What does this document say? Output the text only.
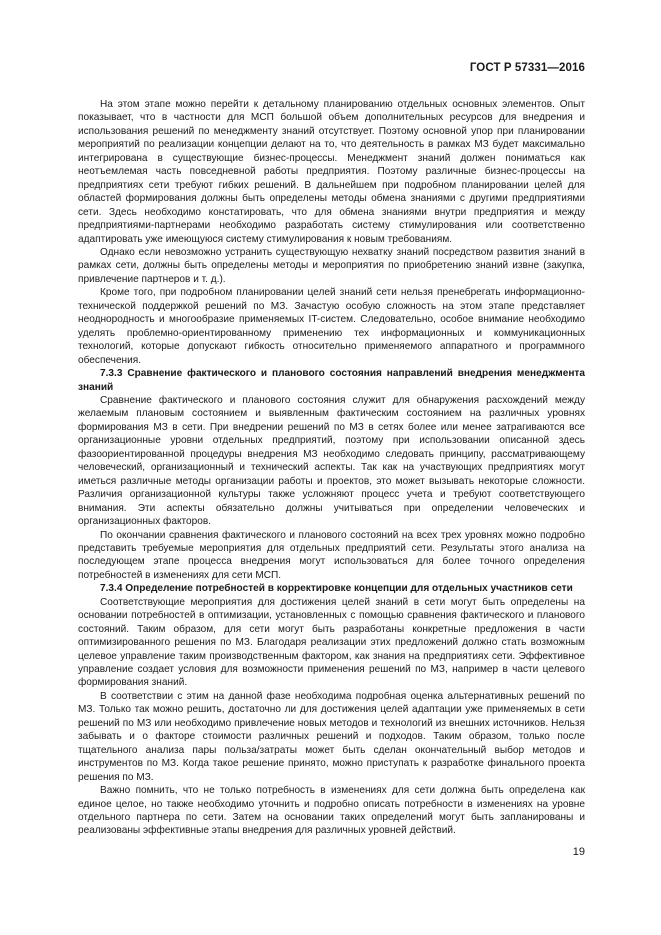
ГОСТ Р 57331—2016

На этом этапе можно перейти к детальному планированию отдельных основных элементов. Опыт показывает, что в частности для МСП большой объем дополнительных ресурсов для внедрения и использования решений по менеджменту знаний отсутствует. Поэтому основной упор при планировании мероприятий по реализации концепции делают на то, что деятельность в рамках МЗ будет максимально интегрирована в существующие бизнес-процессы. Менеджмент знаний должен пониматься как неотъемлемая часть повседневной работы предприятия. Поэтому различные бизнес-процессы на предприятиях сети требуют гибких решений. В дальнейшем при подробном планировании целей для областей формирования должны быть определены методы обмена знаниями с другими предприятиями сети. Здесь необходимо констатировать, что для обмена знаниями внутри предприятия и между предприятиями-партнерами необходимо разработать систему стимулирования или соответственно адаптировать уже имеющуюся систему стимулирования к новым требованиям.

Однако если невозможно устранить существующую нехватку знаний посредством развития знаний в рамках сети, должны быть определены методы и мероприятия по приобретению знаний извне (закупка, привлечение партнеров и т. д.).

Кроме того, при подробном планировании целей знаний сети нельзя пренебрегать информационно-технической поддержкой решений по МЗ. Зачастую особую сложность на этом этапе представляет неоднородность и многообразие применяемых IT-систем. Следовательно, особое внимание необходимо уделять проблемно-ориентированному применению тех информационных и коммуникационных технологий, которые допускают гибкость относительно применяемого аппаратного и программного обеспечения.

7.3.3 Сравнение фактического и планового состояния направлений внедрения менеджмента знаний

Сравнение фактического и планового состояния служит для обнаружения расхождений между желаемым плановым состоянием и выявленным фактическим состоянием на различных уровнях формирования МЗ в сети. При внедрении решений по МЗ в сетях более или менее затрагиваются все организационные уровни отдельных предприятий, поэтому при использовании описанной здесь фазоориентированной процедуры внедрения МЗ необходимо следовать принципу, рассматривающему человеческий, организационный и технический аспекты. Так как на участвующих предприятиях могут иметься различные методы организации работы и проектов, это может вызывать некоторые сложности. Различия организационной культуры также усложняют процесс учета и требуют соответствующего внимания. Эти аспекты обязательно должны учитываться при определении человеческих и организационных факторов.

По окончании сравнения фактического и планового состояний на всех трех уровнях можно подробно представить требуемые мероприятия для отдельных предприятий сети. Результаты этого анализа на последующем этапе процесса внедрения могут использоваться для более точного определения потребностей в изменениях для сети МСП.

7.3.4 Определение потребностей в корректировке концепции для отдельных участников сети

Соответствующие мероприятия для достижения целей знаний в сети могут быть определены на основании потребностей в оптимизации, установленных с помощью сравнения фактического и планового состояний. Таким образом, для сети могут быть разработаны конкретные предложения в части оптимизированного решения по МЗ. Благодаря реализации этих предложений должно стать возможным целевое управление таким производственным фактором, как знания на предприятиях сети. Эффективное управление создает условия для возможности применения решений по МЗ, например в части целевого формирования знаний.

В соответствии с этим на данной фазе необходима подробная оценка альтернативных решений по МЗ. Только так можно решить, достаточно ли для достижения целей адаптации уже применяемых в сети решений по МЗ или необходимо привлечение новых методов и технологий из внешних источников. Нельзя забывать и о факторе стоимости различных решений и подходов. Таким образом, только после тщательного анализа пары польза/затраты может быть сделан окончательный выбор методов и инструментов по МЗ. Когда такое решение принято, можно приступать к разработке финального проекта решения по МЗ.

Важно помнить, что не только потребность в изменениях для сети должна быть определена как единое целое, но также необходимо уточнить и подробно описать потребности в изменениях на уровне отдельного партнера по сети. Затем на основании таких определений могут быть запланированы и реализованы эффективные этапы внедрения для различных уровней действий.

19
